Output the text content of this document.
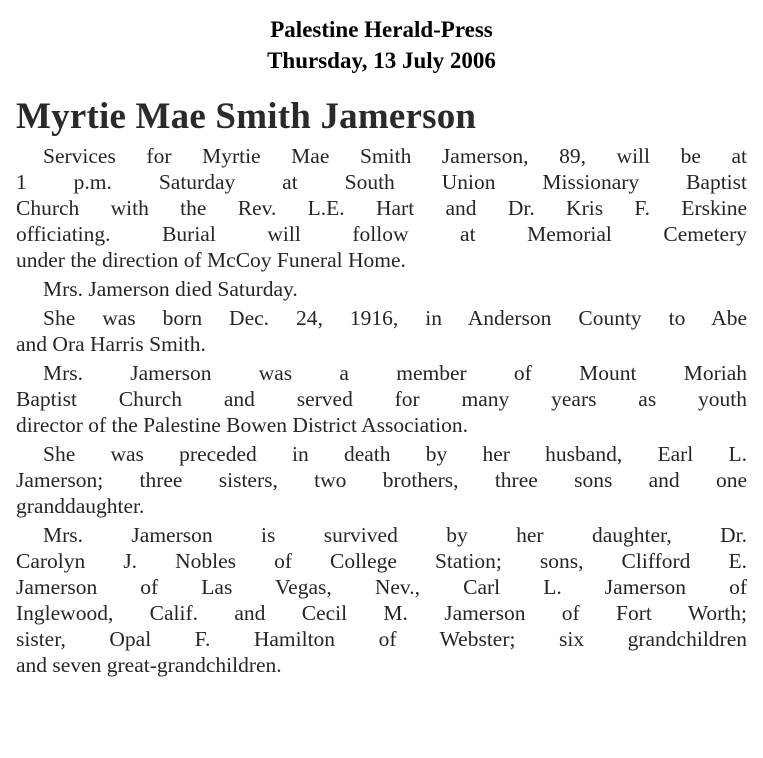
Palestine Herald-Press
Thursday, 13 July 2006
Myrtie Mae Smith Jamerson
Services for Myrtie Mae Smith Jamerson, 89, will be at
1 p.m. Saturday at South Union Missionary Baptist
Church with the Rev. L.E. Hart and Dr. Kris F. Erskine
officiating. Burial will follow at Memorial Cemetery
under the direction of McCoy Funeral Home.
Mrs. Jamerson died Saturday.
She was born Dec. 24, 1916, in Anderson County to Abe
and Ora Harris Smith.
Mrs. Jamerson was a member of Mount Moriah
Baptist Church and served for many years as youth
director of the Palestine Bowen District Association.
She was preceded in death by her husband, Earl L.
Jamerson; three sisters, two brothers, three sons and one
granddaughter.
Mrs. Jamerson is survived by her daughter, Dr.
Carolyn J. Nobles of College Station; sons, Clifford E.
Jamerson of Las Vegas, Nev., Carl L. Jamerson of
Inglewood, Calif. and Cecil M. Jamerson of Fort Worth;
sister, Opal F. Hamilton of Webster; six grandchildren
and seven great-grandchildren.
